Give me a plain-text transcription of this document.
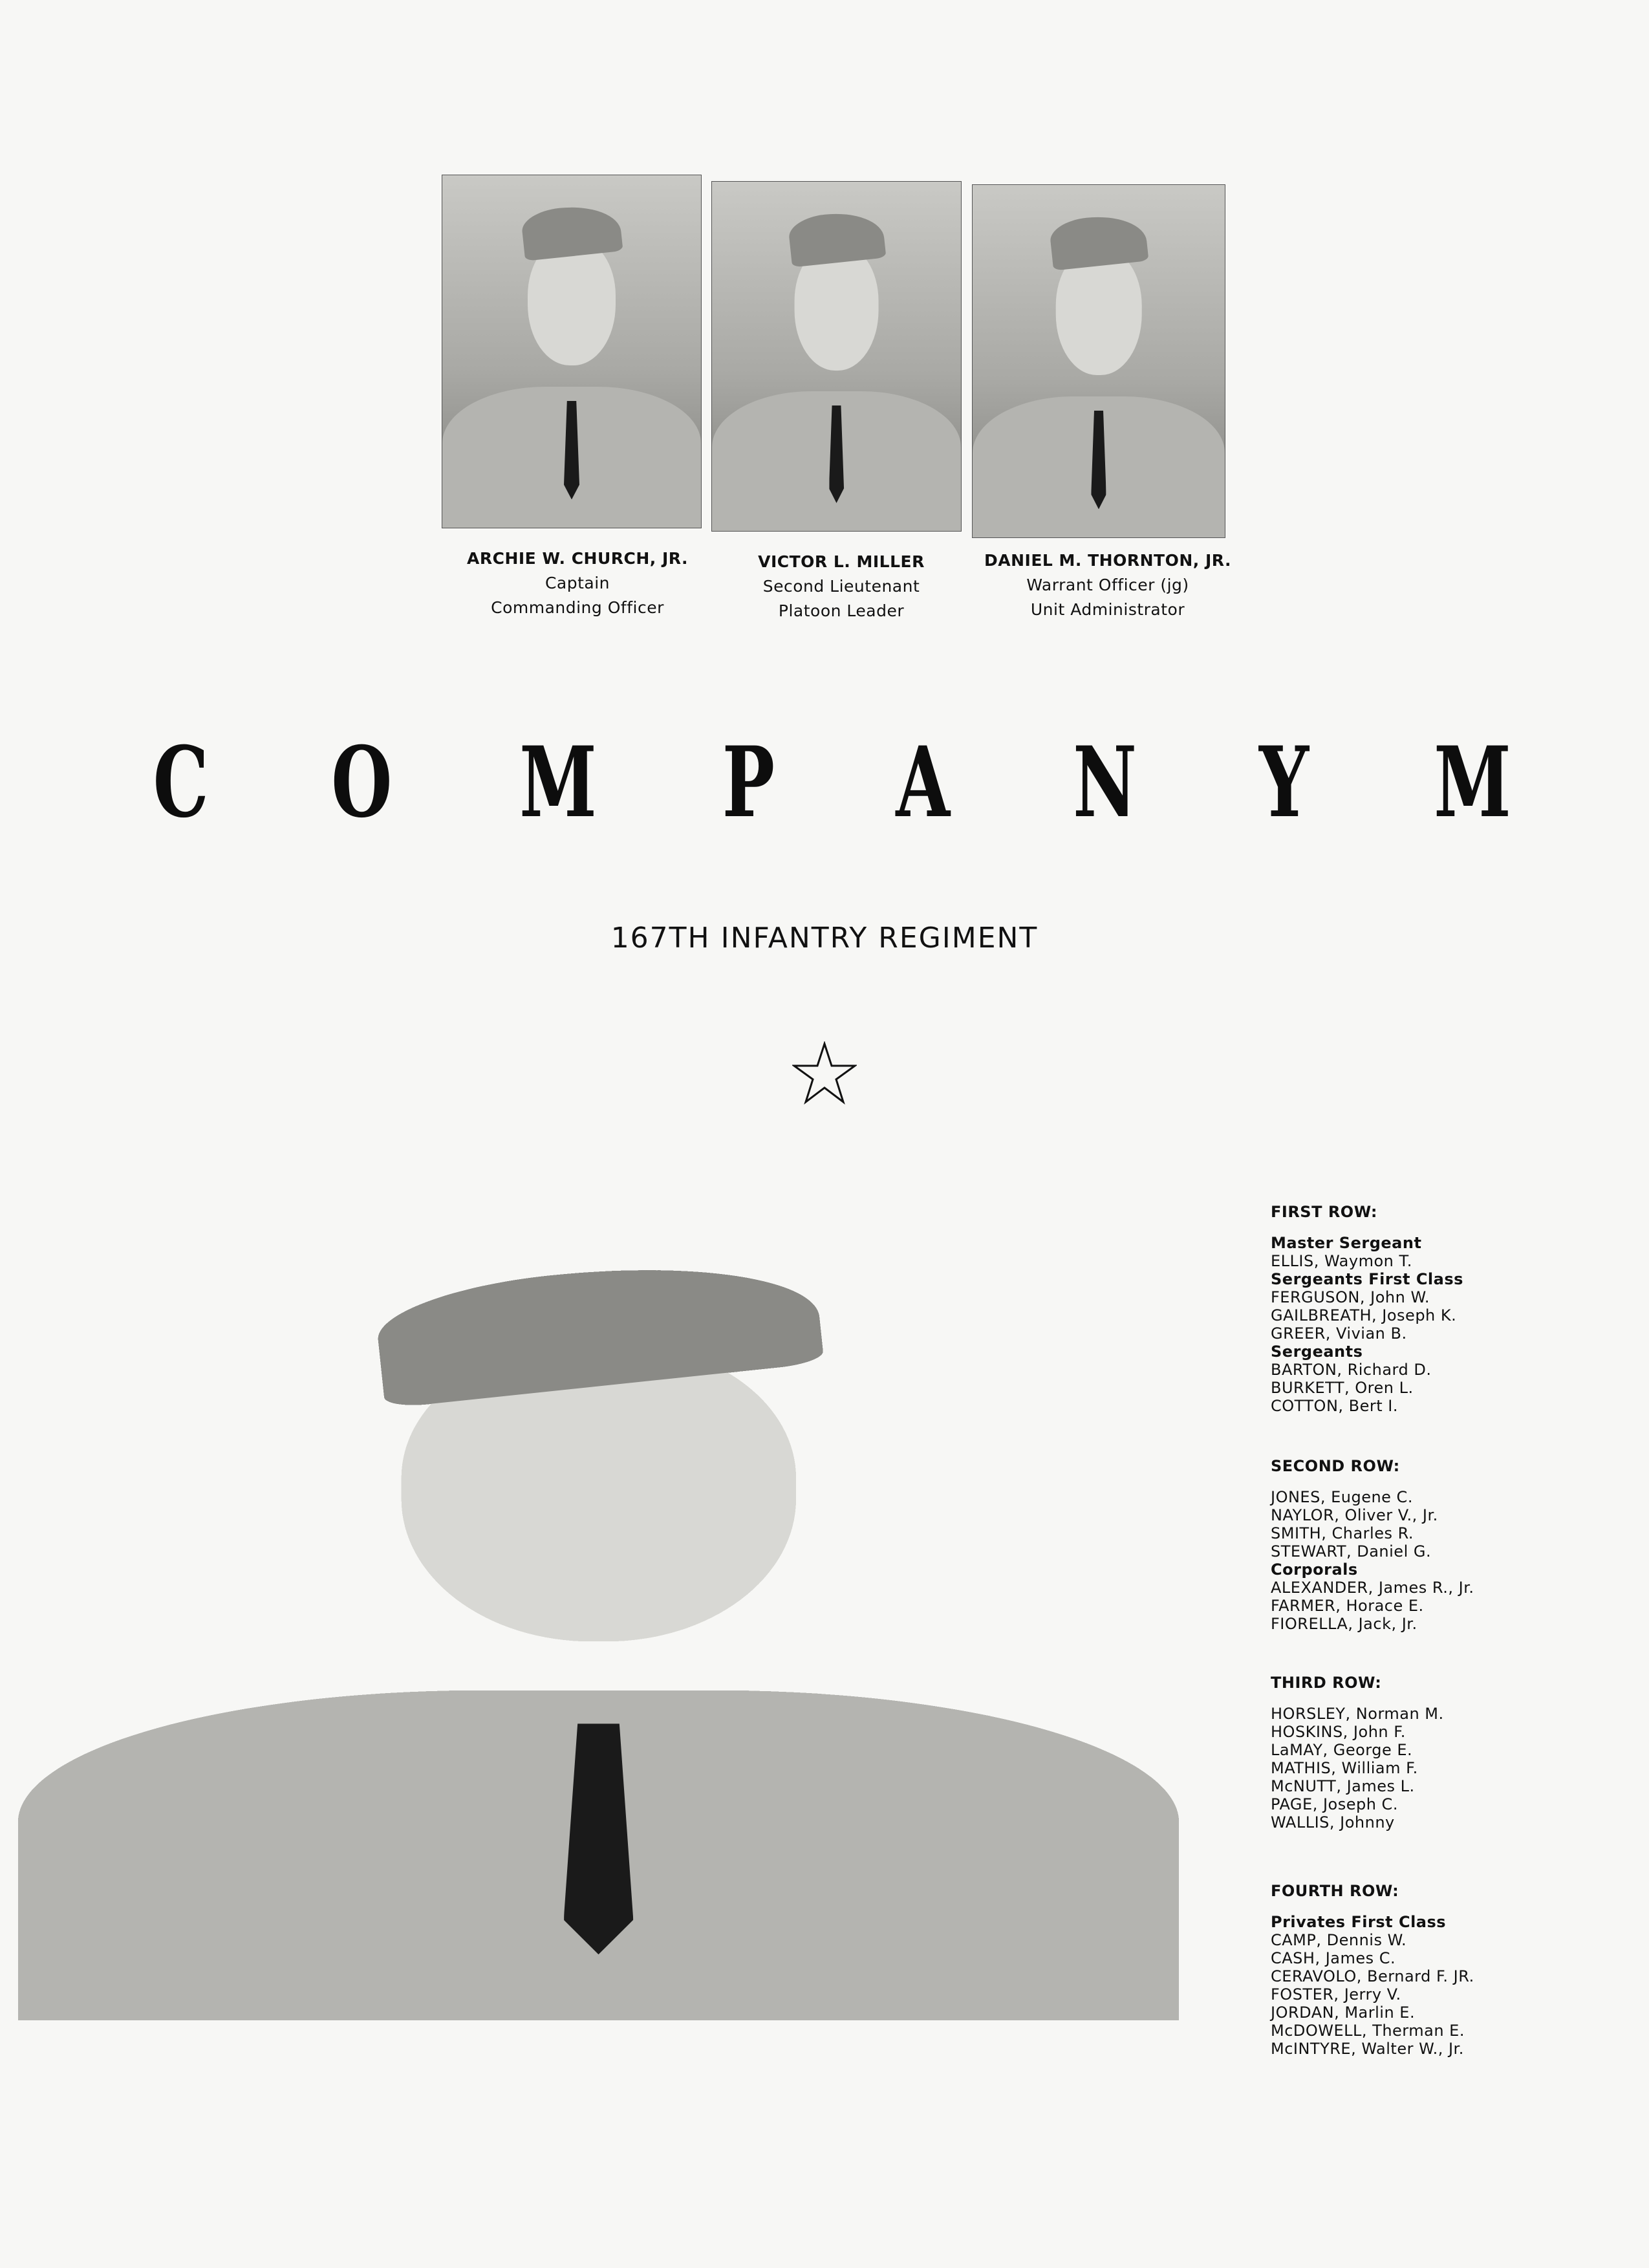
ARCHIE W. CHURCH, JR.
Captain
Commanding Officer
VICTOR L. MILLER
Second Lieutenant
Platoon Leader
DANIEL M. THORNTON, JR.
Warrant Officer (jg)
Unit Administrator
C O M P A N Y M
167TH INFANTRY REGIMENT
FIRST ROW:
Master Sergeant
ELLIS, Waymon T.
Sergeants First Class
FERGUSON, John W.
GAILBREATH, Joseph K.
GREER, Vivian B.
Sergeants
BARTON, Richard D.
BURKETT, Oren L.
COTTON, Bert I.
SECOND ROW:
JONES, Eugene C.
NAYLOR, Oliver V., Jr.
SMITH, Charles R.
STEWART, Daniel G.
Corporals
ALEXANDER, James R., Jr.
FARMER, Horace E.
FIORELLA, Jack, Jr.
THIRD ROW:
HORSLEY, Norman M.
HOSKINS, John F.
LaMAY, George E.
MATHIS, William F.
McNUTT, James L.
PAGE, Joseph C.
WALLIS, Johnny
FOURTH ROW:
Privates First Class
CAMP, Dennis W.
CASH, James C.
CERAVOLO, Bernard F. JR.
FOSTER, Jerry V.
JORDAN, Marlin E.
McDOWELL, Therman E.
McINTYRE, Walter W., Jr.
